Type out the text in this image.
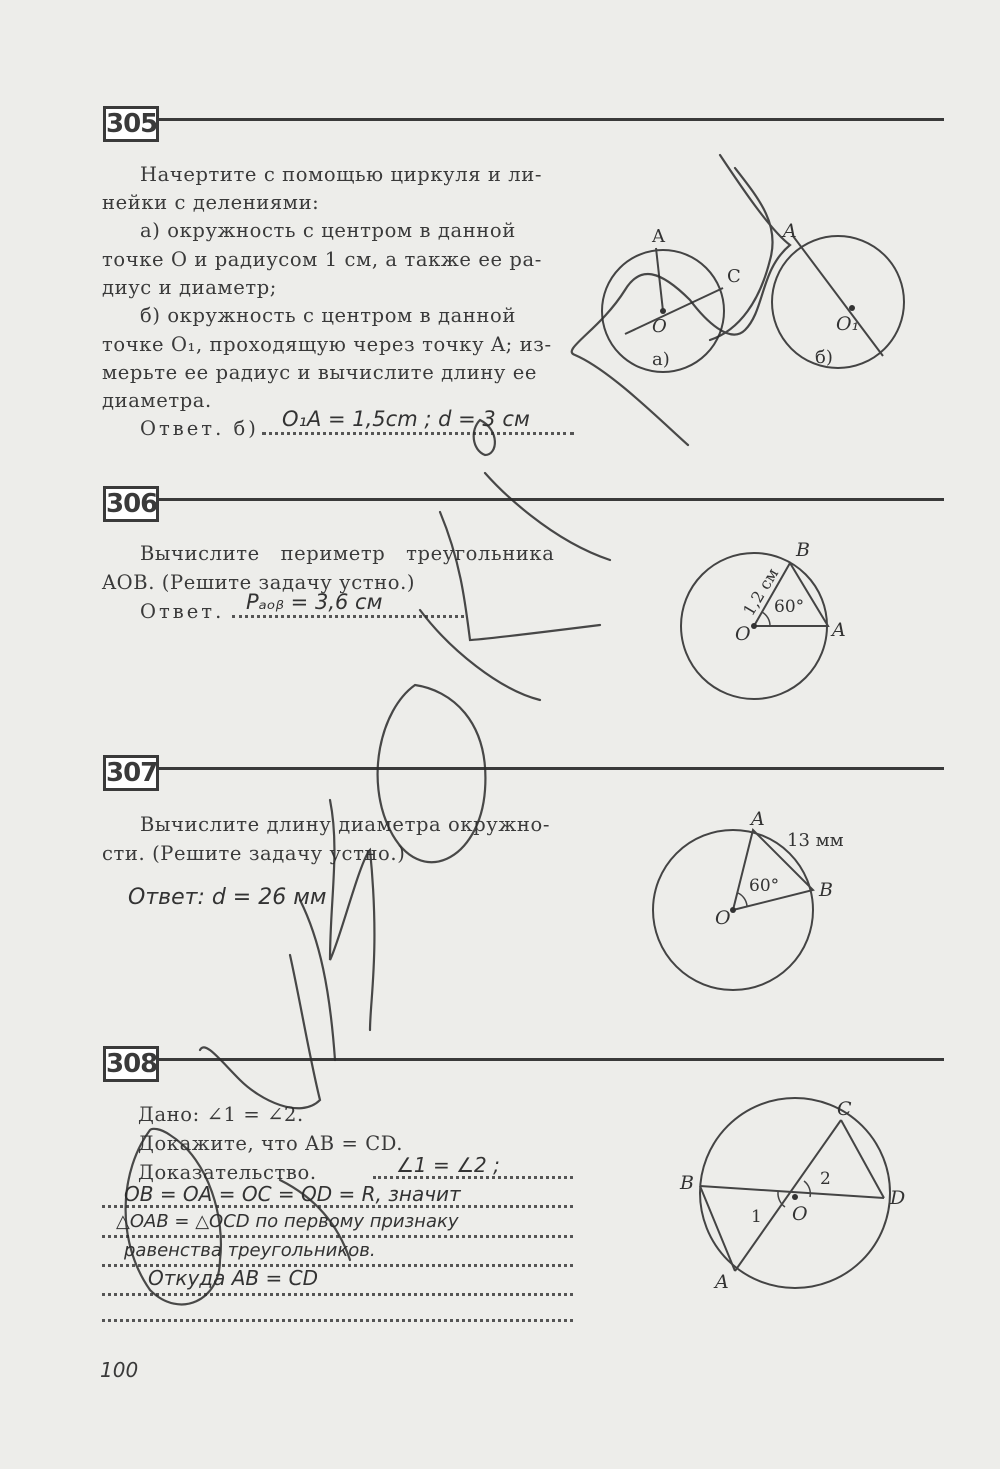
305
Начертите с помощью циркуля и ли-
нейки с делениями:
а) окружность с центром в данной
точке O и радиусом 1 см, а также ее ра-
диус и диаметр;
б) окружность с центром в данной
точке O₁, проходящую через точку A; из-
мерьте ее радиус и вычислите длину ее
диаметра.
Ответ. б) O₁A = 1,5cm ; d = 3 см
A
C
O
а)
A
O₁
б)
306
Вычислите периметр треугольника
AOB. (Решите задачу устно.)
Ответ. Pₐₒᵦ = 3,6 см
B
O	A
1,2 см
60°
307
Вычислите длину диаметра окружно-
сти. (Решите задачу устно.)
Ответ: d = 26 мм
A
B
O
13 мм
60°
308
Дано: ∠1 = ∠2.
Докажите, что AB = CD.
Доказательство.	∠1 = ∠2 ;
OB = OA = OC = OD = R, значит
△OAB = △OCD по первому признаку
равенства треугольников.
Откуда AB = CD
C
B
D
O
A
1
2
100
